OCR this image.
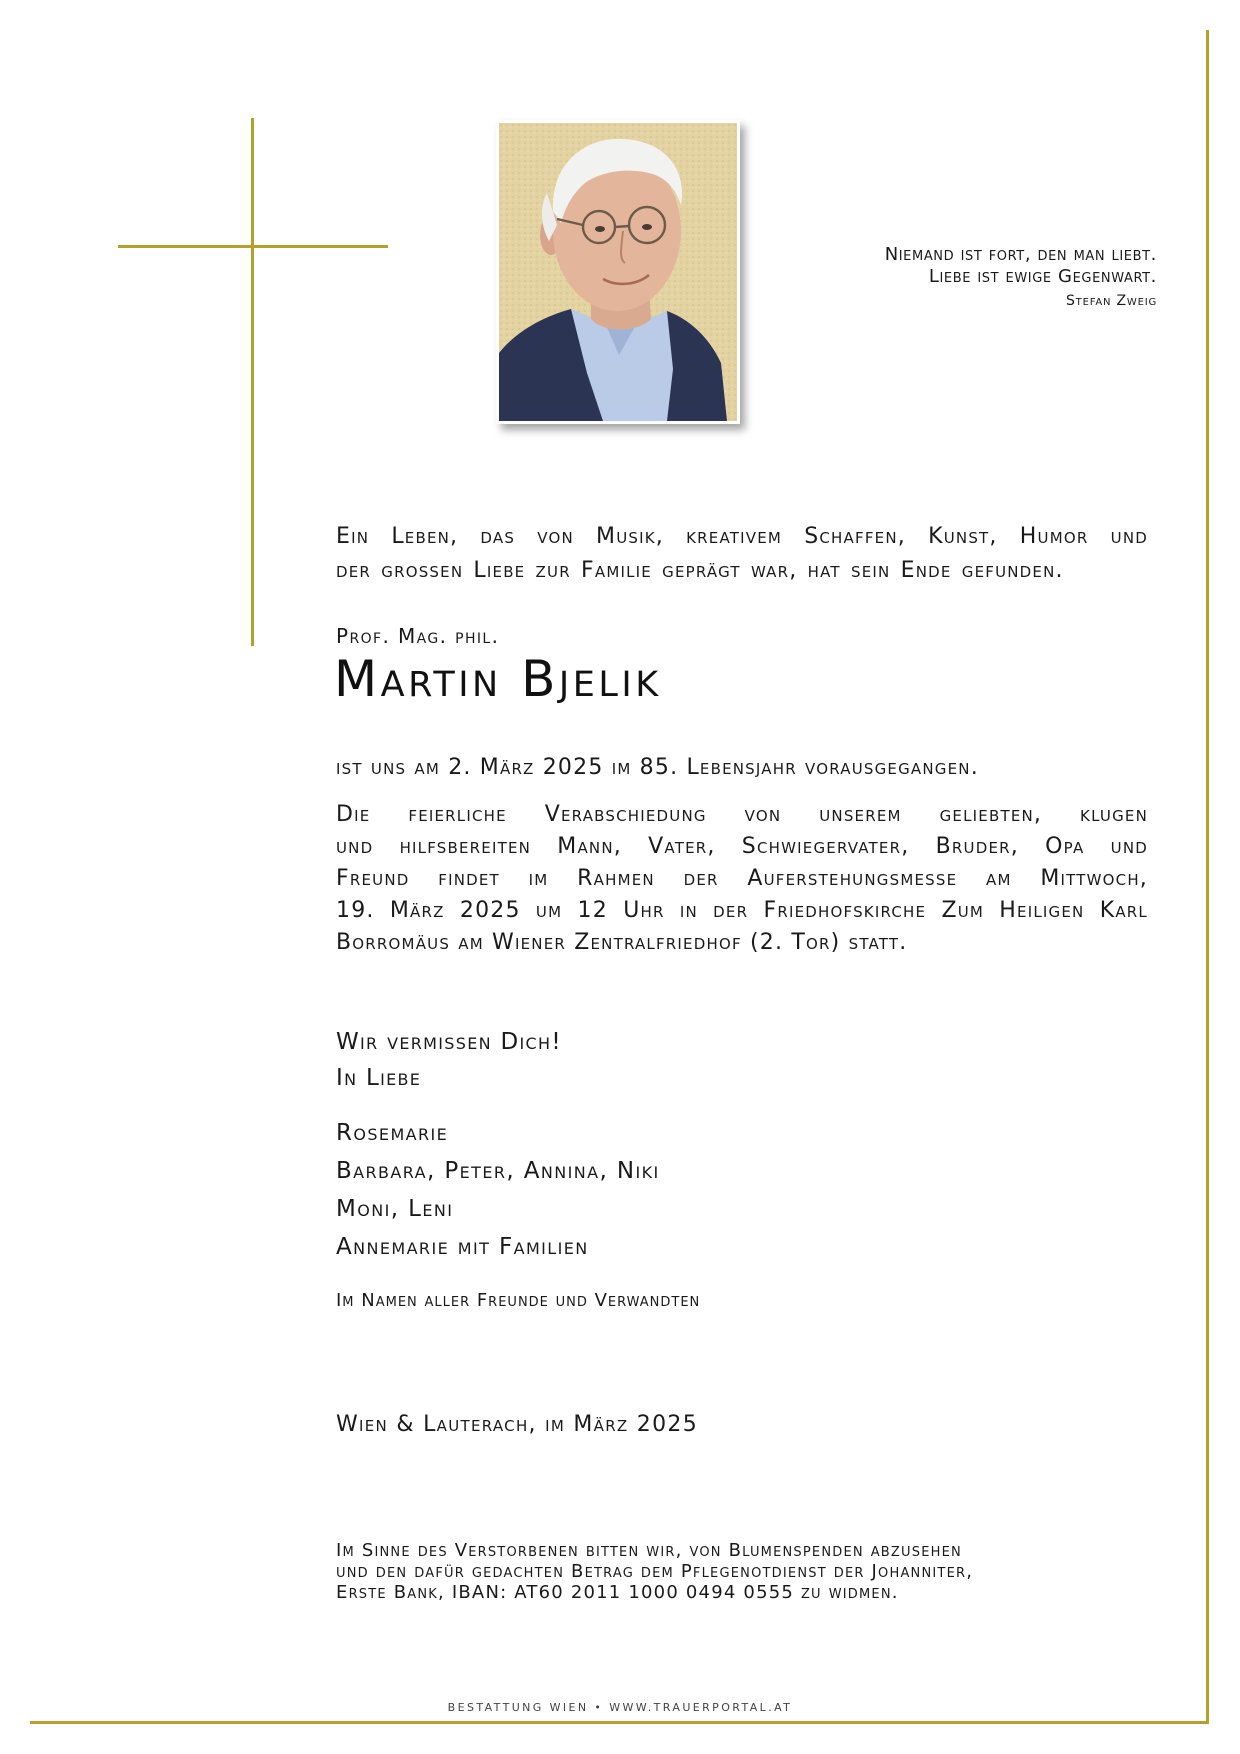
Niemand ist fort, den man liebt.
Liebe ist ewige Gegenwart.
Stefan Zweig

Ein Leben, das von Musik, kreativem Schaffen, Kunst, Humor und

der grossen Liebe zur Familie geprägt war, hat sein Ende gefunden.

Prof. Mag. phil.
Martin Bjelik

ist uns am 2. März 2025 im 85. Lebensjahr vorausgegangen.

Die feierliche Verabschiedung von unserem geliebten, klugen
und hilfsbereiten Mann, Vater, Schwiegervater, Bruder, Opa und
Freund findet im Rahmen der Auferstehungsmesse am Mittwoch,
19. März 2025 um 12 Uhr in der Friedhofskirche Zum Heiligen Karl
Borromäus am Wiener Zentralfriedhof (2. Tor) statt.
Wir vermissen Dich!
In Liebe
Rosemarie
Barbara, Peter, Annina, Niki
Moni, Leni
Annemarie mit Familien
Im Namen aller Freunde und Verwandten
Wien & Lauterach, im März 2025
Im Sinne des Verstorbenen bitten wir, von Blumenspenden abzusehen
und den dafür gedachten Betrag dem Pflegenotdienst der Johanniter,
Erste Bank, IBAN: AT60 2011 1000 0494 0555 zu widmen.
BESTATTUNG WIEN • WWW.TRAUERPORTAL.AT
